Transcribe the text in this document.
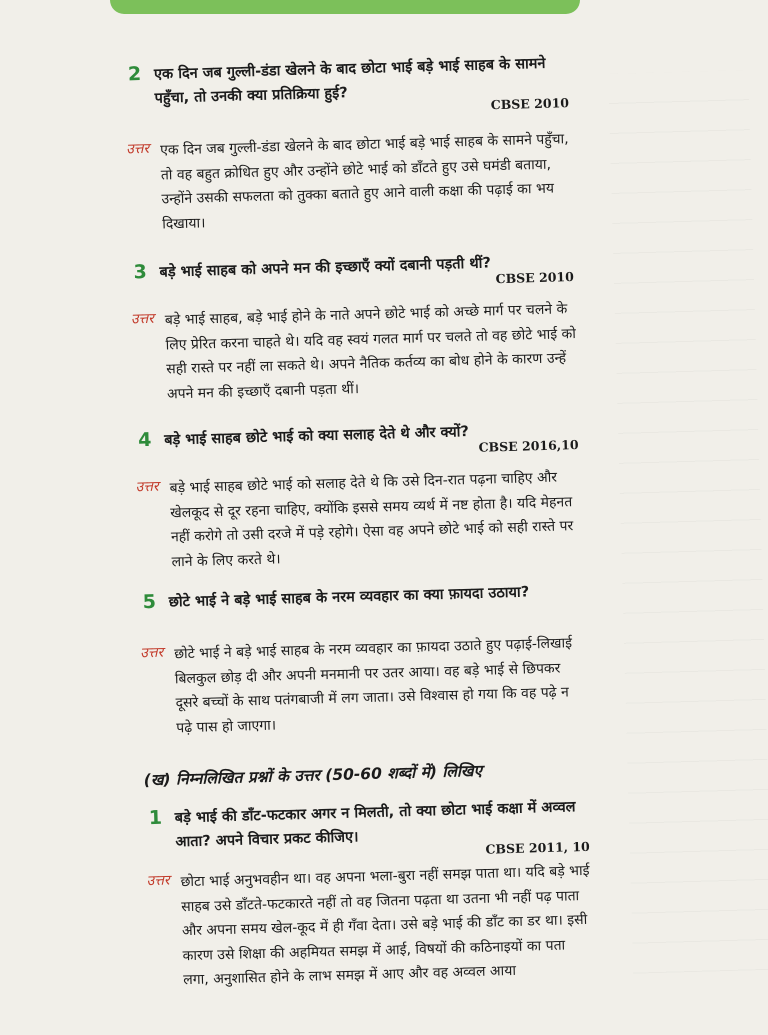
2 एक दिन जब गुल्ली-डंडा खेलने के बाद छोटा भाई बड़े भाई साहब के सामने पहुँचा, तो उनकी क्या प्रतिक्रिया हुई?	CBSE 2010
उत्तर एक दिन जब गुल्ली-डंडा खेलने के बाद छोटा भाई बड़े भाई साहब के सामने पहुँचा, तो वह बहुत क्रोधित हुए और उन्होंने छोटे भाई को डाँटते हुए उसे घमंडी बताया, उन्होंने उसकी सफलता को तुक्का बताते हुए आने वाली कक्षा की पढ़ाई का भय दिखाया।
3 बड़े भाई साहब को अपने मन की इच्छाएँ क्यों दबानी पड़ती थीं? CBSE 2010
उत्तर बड़े भाई साहब, बड़े भाई होने के नाते अपने छोटे भाई को अच्छे मार्ग पर चलने के लिए प्रेरित करना चाहते थे। यदि वह स्वयं गलत मार्ग पर चलते तो वह छोटे भाई को सही रास्ते पर नहीं ला सकते थे। अपने नैतिक कर्तव्य का बोध होने के कारण उन्हें अपने मन की इच्छाएँ दबानी पड़ता थीं।
4 बड़े भाई साहब छोटे भाई को क्या सलाह देते थे और क्यों? CBSE 2016,10
उत्तर बड़े भाई साहब छोटे भाई को सलाह देते थे कि उसे दिन-रात पढ़ना चाहिए और खेलकूद से दूर रहना चाहिए, क्योंकि इससे समय व्यर्थ में नष्ट होता है। यदि मेहनत नहीं करोगे तो उसी दरजे में पड़े रहोगे। ऐसा वह अपने छोटे भाई को सही रास्ते पर लाने के लिए करते थे।
5 छोटे भाई ने बड़े भाई साहब के नरम व्यवहार का क्या फ़ायदा उठाया?
उत्तर छोटे भाई ने बड़े भाई साहब के नरम व्यवहार का फ़ायदा उठाते हुए पढ़ाई-लिखाई बिलकुल छोड़ दी और अपनी मनमानी पर उतर आया। वह बड़े भाई से छिपकर दूसरे बच्चों के साथ पतंगबाजी में लग जाता। उसे विश्वास हो गया कि वह पढ़े न पढ़े पास हो जाएगा।
(ख) निम्नलिखित प्रश्नों के उत्तर (50-60 शब्दों में) लिखिए
1 बड़े भाई की डाँट-फटकार अगर न मिलती, तो क्या छोटा भाई कक्षा में अव्वल आता? अपने विचार प्रकट कीजिए।	CBSE 2011, 10
उत्तर छोटा भाई अनुभवहीन था। वह अपना भला-बुरा नहीं समझ पाता था। यदि बड़े भाई साहब उसे डाँटते-फटकारते नहीं तो वह जितना पढ़ता था उतना भी नहीं पढ़ पाता और अपना समय खेल-कूद में ही गँवा देता। उसे बड़े भाई की डाँट का डर था। इसी कारण उसे शिक्षा की अहमियत समझ में आई, विषयों की कठिनाइयों का पता लगा, अनुशासित होने के लाभ समझ में आए और वह अव्वल आया
